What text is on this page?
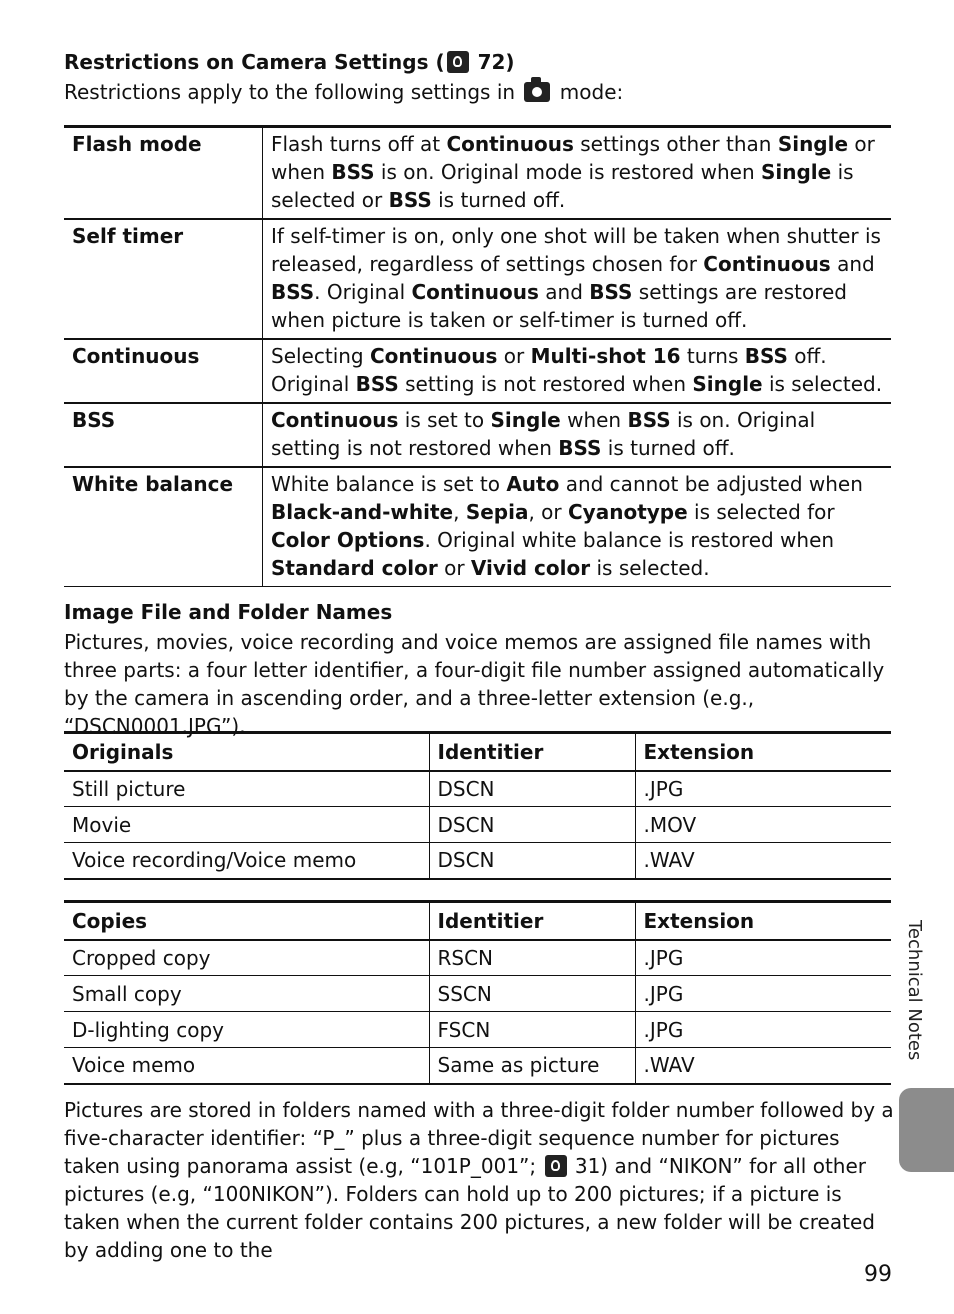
Restrictions on Camera Settings ( 72)

Restrictions apply to the following settings in mode:

Flash mode	Flash turns off at Continuous settings other than Single or when BSS is on. Original mode is restored when Single is selected or BSS is turned off.
Self timer	If self-timer is on, only one shot will be taken when shutter is released, regardless of settings chosen for Continuous and BSS. Original Continuous and BSS settings are restored when picture is taken or self-timer is turned off.
Continuous	Selecting Continuous or Multi-shot 16 turns BSS off. Original BSS setting is not restored when Single is selected.
BSS	Continuous is set to Single when BSS is on. Original setting is not restored when BSS is turned off.
White balance	White balance is set to Auto and cannot be adjusted when Black-and-white, Sepia, or Cyanotype is selected for Color Options. Original white balance is restored when Standard color or Vivid color is selected.
Image File and Folder Names

Pictures, movies, voice recording and voice memos are assigned file names with three parts: a four letter identifier, a four-digit file number assigned automatically by the camera in ascending order, and a three-letter extension (e.g., “DSCN0001.JPG”).

Originals	Identitier	Extension
Still picture	DSCN	.JPG
Movie	DSCN	.MOV
Voice recording/Voice memo	DSCN	.WAV
Copies	Identitier	Extension
Cropped copy	RSCN	.JPG
Small copy	SSCN	.JPG
D-lighting copy	FSCN	.JPG
Voice memo	Same as picture	.WAV

Pictures are stored in folders named with a three-digit folder number followed by a five-character identifier: “P_” plus a three-digit sequence number for pictures taken using panorama assist (e.g, “101P_001”; 31) and “NIKON” for all other pictures (e.g, “100NIKON”). Folders can hold up to 200 pictures; if a picture is taken when the current folder contains 200 pictures, a new folder will be created by adding one to the

Technical Notes
99
